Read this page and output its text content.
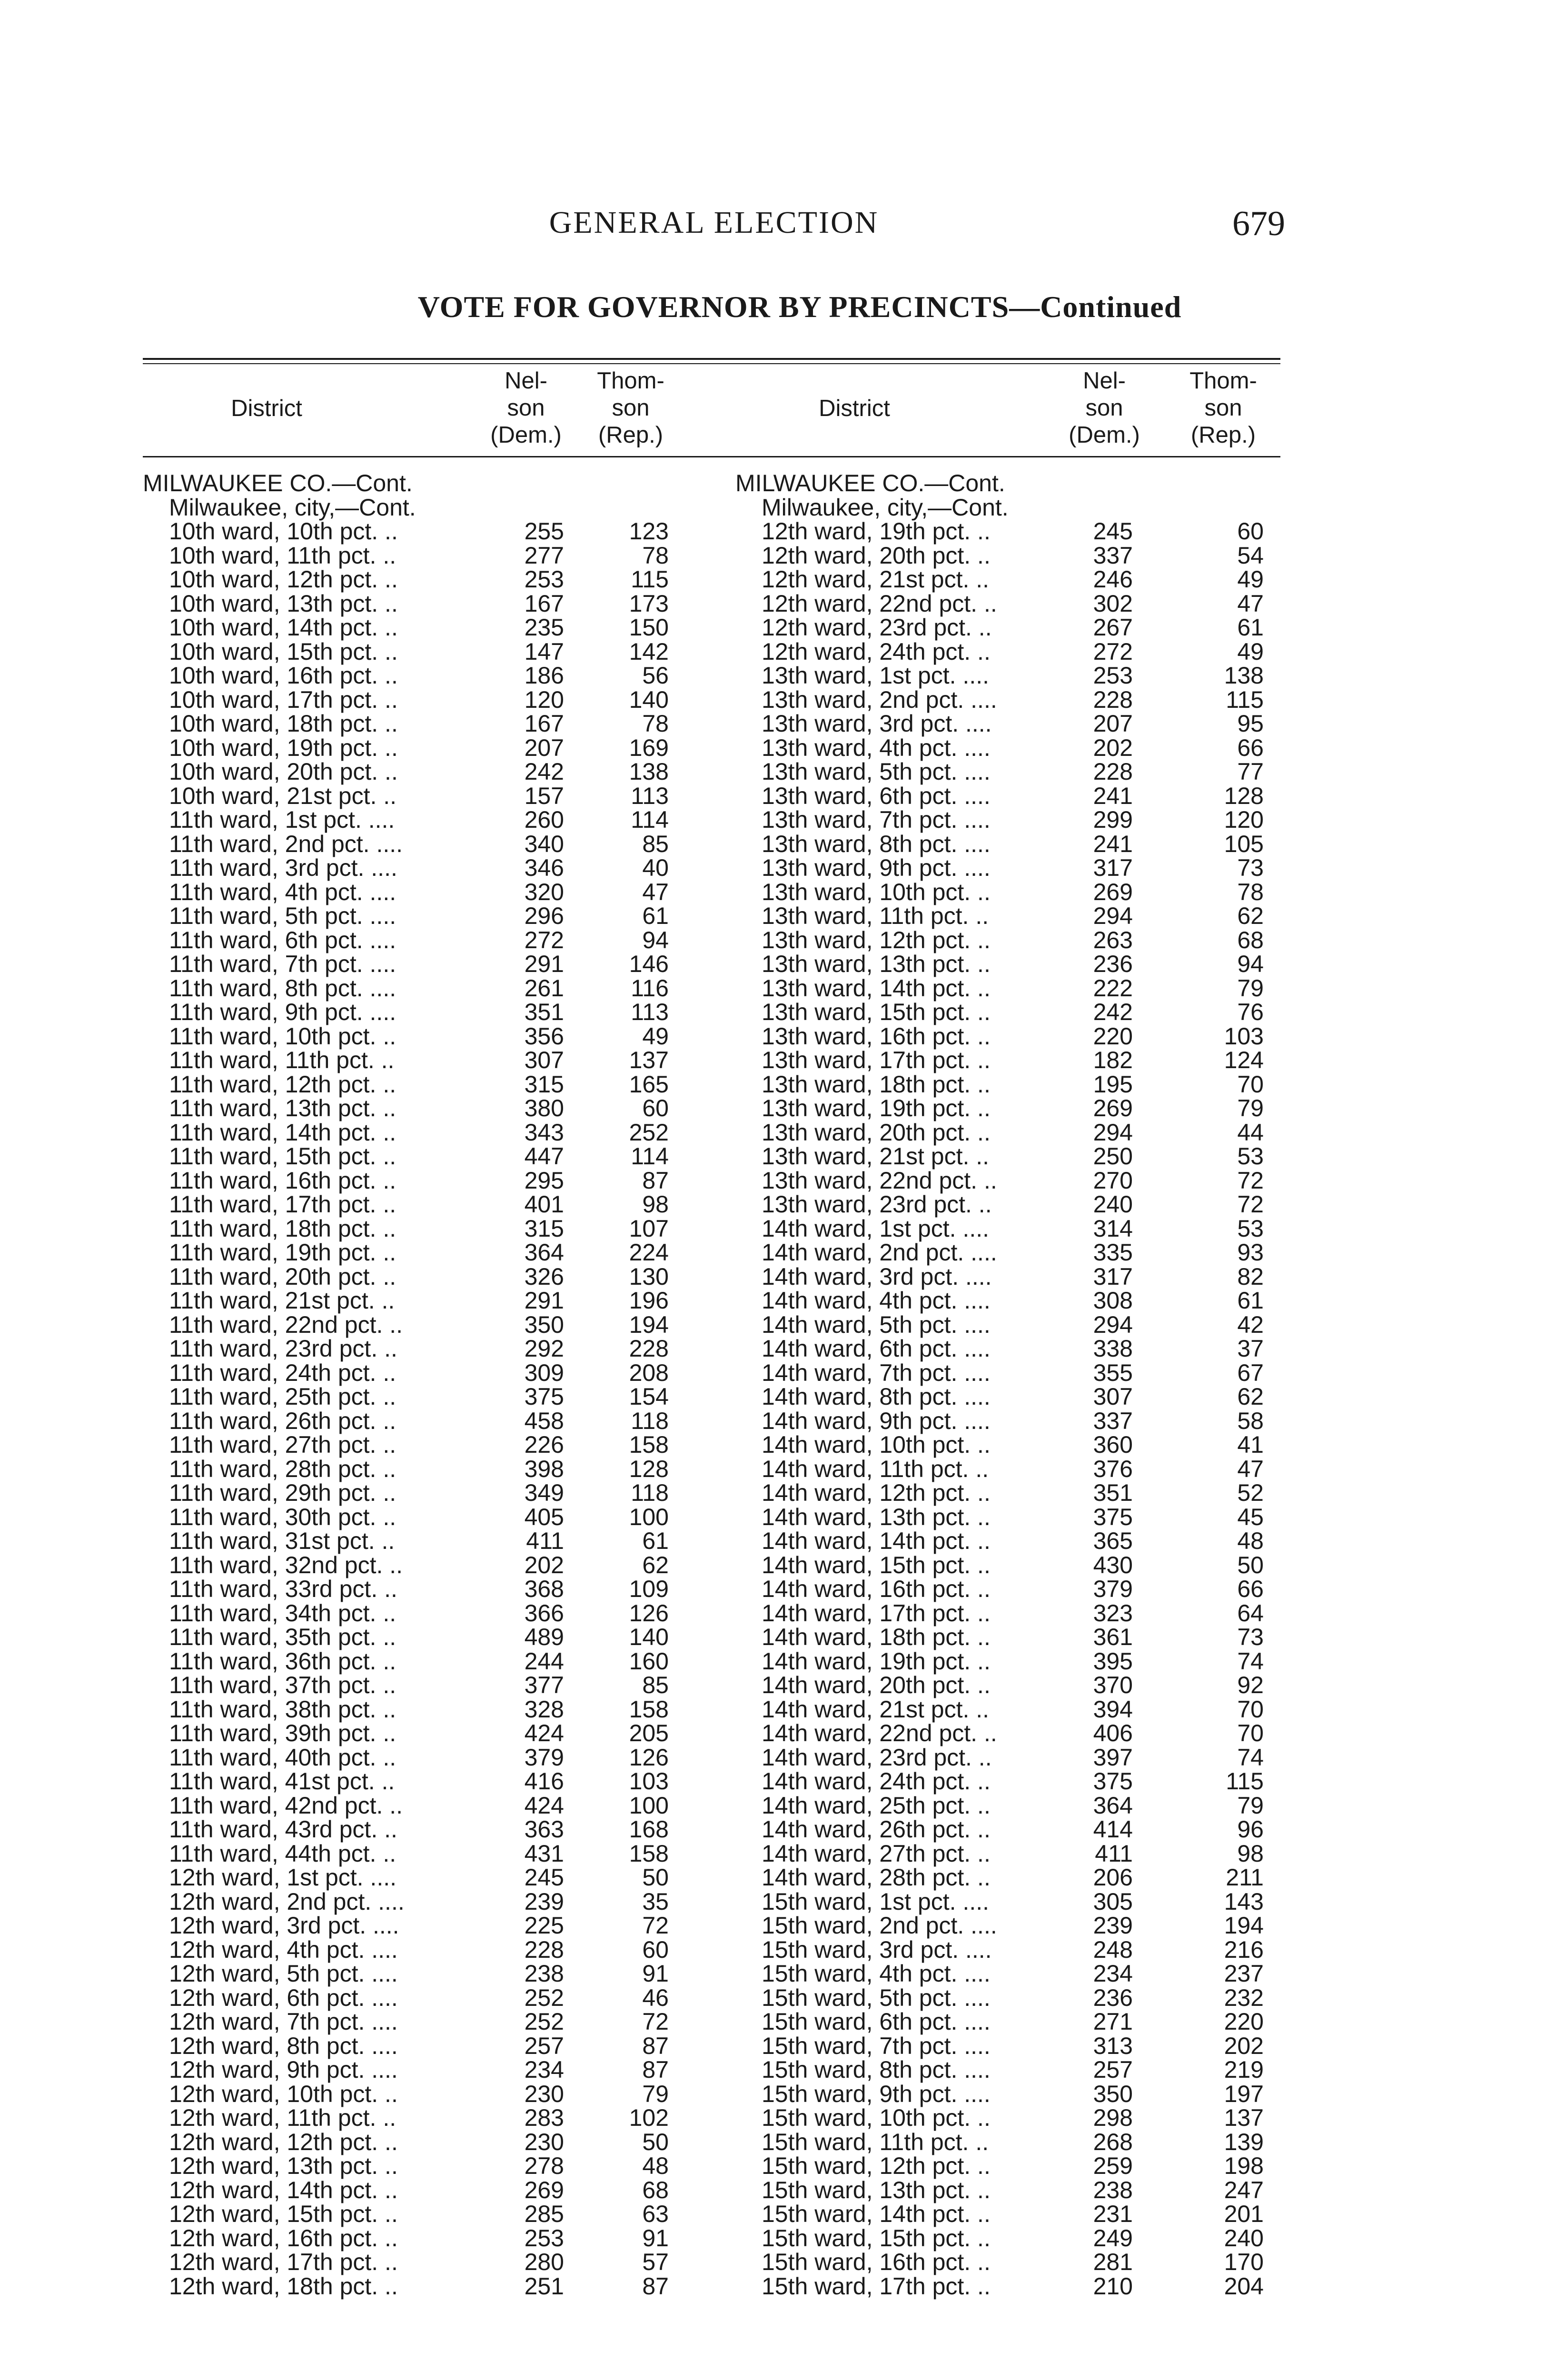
GENERAL ELECTION	679
VOTE FOR GOVERNOR BY PRECINCTS—Continued
District
Nel-
son
(Dem.)
Thom-
son
(Rep.)
MILWAUKEE CO.—Cont.
Milwaukee, city,—Cont.
10th ward, 10th pct. ..	255	123
10th ward, 11th pct. ..	277	78
10th ward, 12th pct. ..	253	115
10th ward, 13th pct. ..	167	173
10th ward, 14th pct. ..	235	150
10th ward, 15th pct. ..	147	142
10th ward, 16th pct. ..	186	56
10th ward, 17th pct. ..	120	140
10th ward, 18th pct. ..	167	78
10th ward, 19th pct. ..	207	169
10th ward, 20th pct. ..	242	138
10th ward, 21st pct. ..	157	113
11th ward, 1st pct. ....	260	114
11th ward, 2nd pct. ....	340	85
11th ward, 3rd pct. ....	346	40
11th ward, 4th pct. ....	320	47
11th ward, 5th pct. ....	296	61
11th ward, 6th pct. ....	272	94
11th ward, 7th pct. ....	291	146
11th ward, 8th pct. ....	261	116
11th ward, 9th pct. ....	351	113
11th ward, 10th pct. ..	356	49
11th ward, 11th pct. ..	307	137
11th ward, 12th pct. ..	315	165
11th ward, 13th pct. ..	380	60
11th ward, 14th pct. ..	343	252
11th ward, 15th pct. ..	447	114
11th ward, 16th pct. ..	295	87
11th ward, 17th pct. ..	401	98
11th ward, 18th pct. ..	315	107
11th ward, 19th pct. ..	364	224
11th ward, 20th pct. ..	326	130
11th ward, 21st pct. ..	291	196
11th ward, 22nd pct. ..	350	194
11th ward, 23rd pct. ..	292	228
11th ward, 24th pct. ..	309	208
11th ward, 25th pct. ..	375	154
11th ward, 26th pct. ..	458	118
11th ward, 27th pct. ..	226	158
11th ward, 28th pct. ..	398	128
11th ward, 29th pct. ..	349	118
11th ward, 30th pct. ..	405	100
11th ward, 31st pct. ..	411	61
11th ward, 32nd pct. ..	202	62
11th ward, 33rd pct. ..	368	109
11th ward, 34th pct. ..	366	126
11th ward, 35th pct. ..	489	140
11th ward, 36th pct. ..	244	160
11th ward, 37th pct. ..	377	85
11th ward, 38th pct. ..	328	158
11th ward, 39th pct. ..	424	205
11th ward, 40th pct. ..	379	126
11th ward, 41st pct. ..	416	103
11th ward, 42nd pct. ..	424	100
11th ward, 43rd pct. ..	363	168
11th ward, 44th pct. ..	431	158
12th ward, 1st pct. ....	245	50
12th ward, 2nd pct. ....	239	35
12th ward, 3rd pct. ....	225	72
12th ward, 4th pct. ....	228	60
12th ward, 5th pct. ....	238	91
12th ward, 6th pct. ....	252	46
12th ward, 7th pct. ....	252	72
12th ward, 8th pct. ....	257	87
12th ward, 9th pct. ....	234	87
12th ward, 10th pct. ..	230	79
12th ward, 11th pct. ..	283	102
12th ward, 12th pct. ..	230	50
12th ward, 13th pct. ..	278	48
12th ward, 14th pct. ..	269	68
12th ward, 15th pct. ..	285	63
12th ward, 16th pct. ..	253	91
12th ward, 17th pct. ..	280	57
12th ward, 18th pct. ..	251	87
District
Nel-
son
(Dem.)
Thom-
son
(Rep.)
MILWAUKEE CO.—Cont.
Milwaukee, city,—Cont.
12th ward, 19th pct. ..	245	60
12th ward, 20th pct. ..	337	54
12th ward, 21st pct. ..	246	49
12th ward, 22nd pct. ..	302	47
12th ward, 23rd pct. ..	267	61
12th ward, 24th pct. ..	272	49
13th ward, 1st pct. ....	253	138
13th ward, 2nd pct. ....	228	115
13th ward, 3rd pct. ....	207	95
13th ward, 4th pct. ....	202	66
13th ward, 5th pct. ....	228	77
13th ward, 6th pct. ....	241	128
13th ward, 7th pct. ....	299	120
13th ward, 8th pct. ....	241	105
13th ward, 9th pct. ....	317	73
13th ward, 10th pct. ..	269	78
13th ward, 11th pct. ..	294	62
13th ward, 12th pct. ..	263	68
13th ward, 13th pct. ..	236	94
13th ward, 14th pct. ..	222	79
13th ward, 15th pct. ..	242	76
13th ward, 16th pct. ..	220	103
13th ward, 17th pct. ..	182	124
13th ward, 18th pct. ..	195	70
13th ward, 19th pct. ..	269	79
13th ward, 20th pct. ..	294	44
13th ward, 21st pct. ..	250	53
13th ward, 22nd pct. ..	270	72
13th ward, 23rd pct. ..	240	72
14th ward, 1st pct. ....	314	53
14th ward, 2nd pct. ....	335	93
14th ward, 3rd pct. ....	317	82
14th ward, 4th pct. ....	308	61
14th ward, 5th pct. ....	294	42
14th ward, 6th pct. ....	338	37
14th ward, 7th pct. ....	355	67
14th ward, 8th pct. ....	307	62
14th ward, 9th pct. ....	337	58
14th ward, 10th pct. ..	360	41
14th ward, 11th pct. ..	376	47
14th ward, 12th pct. ..	351	52
14th ward, 13th pct. ..	375	45
14th ward, 14th pct. ..	365	48
14th ward, 15th pct. ..	430	50
14th ward, 16th pct. ..	379	66
14th ward, 17th pct. ..	323	64
14th ward, 18th pct. ..	361	73
14th ward, 19th pct. ..	395	74
14th ward, 20th pct. ..	370	92
14th ward, 21st pct. ..	394	70
14th ward, 22nd pct. ..	406	70
14th ward, 23rd pct. ..	397	74
14th ward, 24th pct. ..	375	115
14th ward, 25th pct. ..	364	79
14th ward, 26th pct. ..	414	96
14th ward, 27th pct. ..	411	98
14th ward, 28th pct. ..	206	211
15th ward, 1st pct. ....	305	143
15th ward, 2nd pct. ....	239	194
15th ward, 3rd pct. ....	248	216
15th ward, 4th pct. ....	234	237
15th ward, 5th pct. ....	236	232
15th ward, 6th pct. ....	271	220
15th ward, 7th pct. ....	313	202
15th ward, 8th pct. ....	257	219
15th ward, 9th pct. ....	350	197
15th ward, 10th pct. ..	298	137
15th ward, 11th pct. ..	268	139
15th ward, 12th pct. ..	259	198
15th ward, 13th pct. ..	238	247
15th ward, 14th pct. ..	231	201
15th ward, 15th pct. ..	249	240
15th ward, 16th pct. ..	281	170
15th ward, 17th pct. ..	210	204
